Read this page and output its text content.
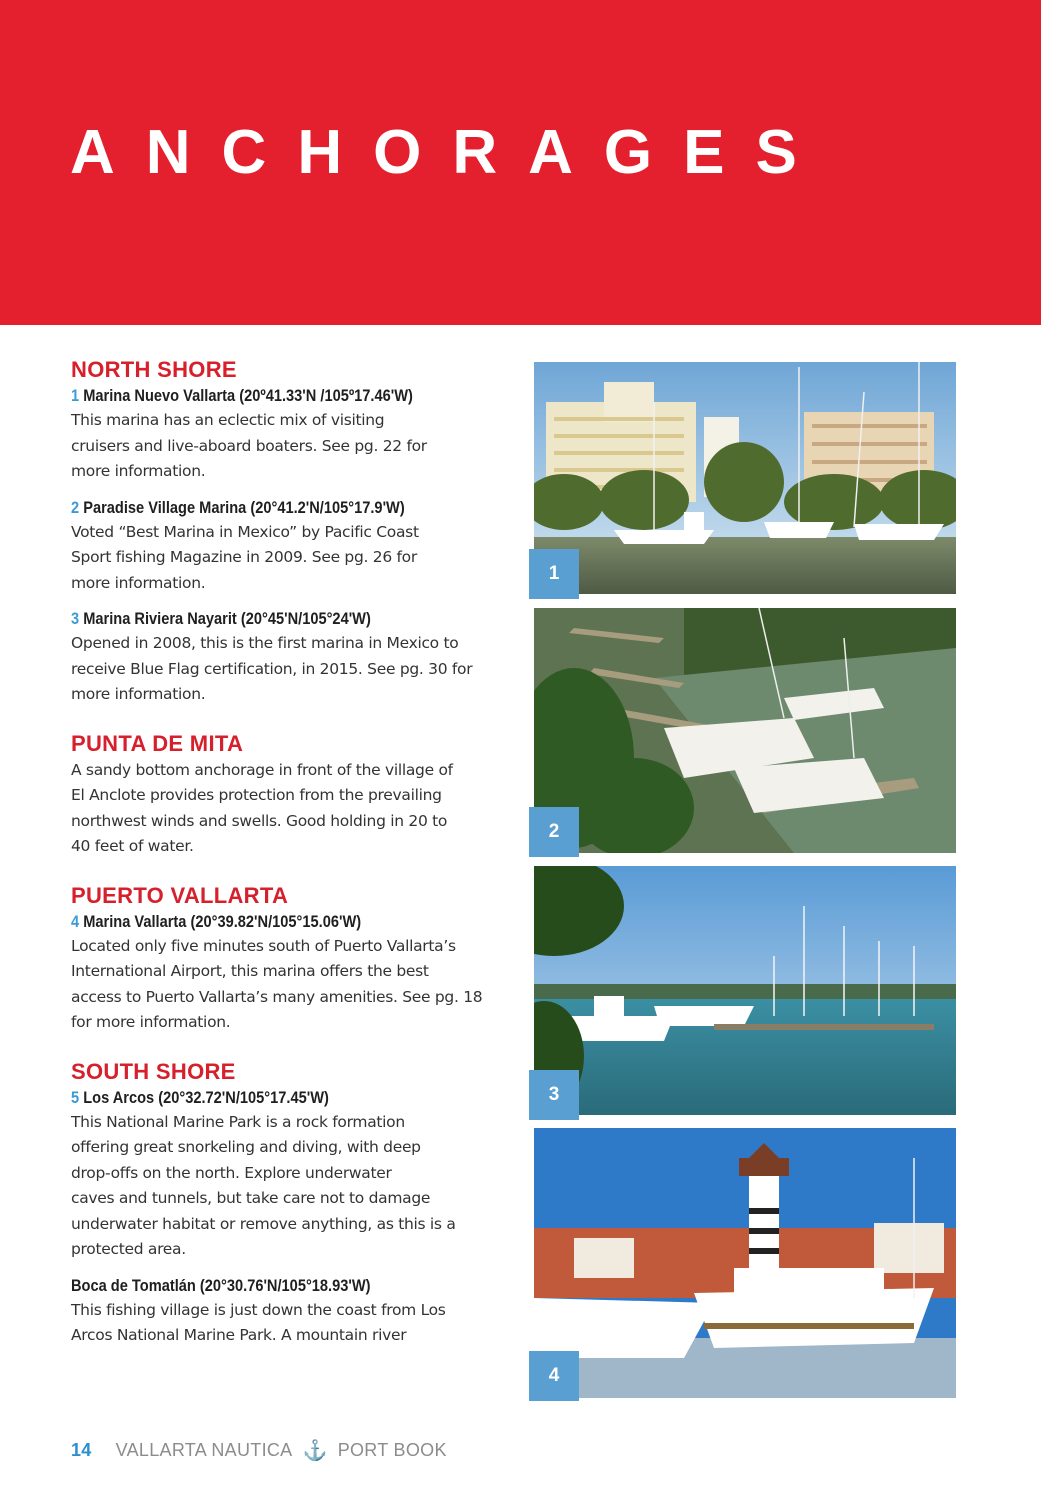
ANCHORAGES
NORTH SHORE

1 Marina Nuevo Vallarta (20º41.33'N /105º17.46'W)

This marina has an eclectic mix of visiting
cruisers and live-aboard boaters. See pg. 22 for
more information.

2 Paradise Village Marina (20°41.2'N/105°17.9'W)

Voted “Best Marina in Mexico” by Pacific Coast
Sport fishing Magazine in 2009. See pg. 26 for
more information.

3 Marina Riviera Nayarit (20°45'N/105°24'W)

Opened in 2008, this is the first marina in Mexico to
receive Blue Flag certification, in 2015. See pg. 30 for
more information.

PUNTA DE MITA

A sandy bottom anchorage in front of the village of
El Anclote provides protection from the prevailing
northwest winds and swells. Good holding in 20 to
40 feet of water.

PUERTO VALLARTA

4 Marina Vallarta (20°39.82'N/105°15.06'W)

Located only five minutes south of Puerto Vallarta’s
International Airport, this marina offers the best
access to Puerto Vallarta’s many amenities. See pg. 18
for more information.

SOUTH SHORE

5 Los Arcos (20°32.72'N/105°17.45'W)

This National Marine Park is a rock formation
offering great snorkeling and diving, with deep
drop-offs on the north. Explore underwater
caves and tunnels, but take care not to damage
underwater habitat or remove anything, as this is a
protected area.

Boca de Tomatlán (20°30.76'N/105°18.93'W)

This fishing village is just down the coast from Los
Arcos National Marine Park. A mountain river

1
2
3
4
14 VALLARTA NAUTICA ⚓ PORT BOOK
